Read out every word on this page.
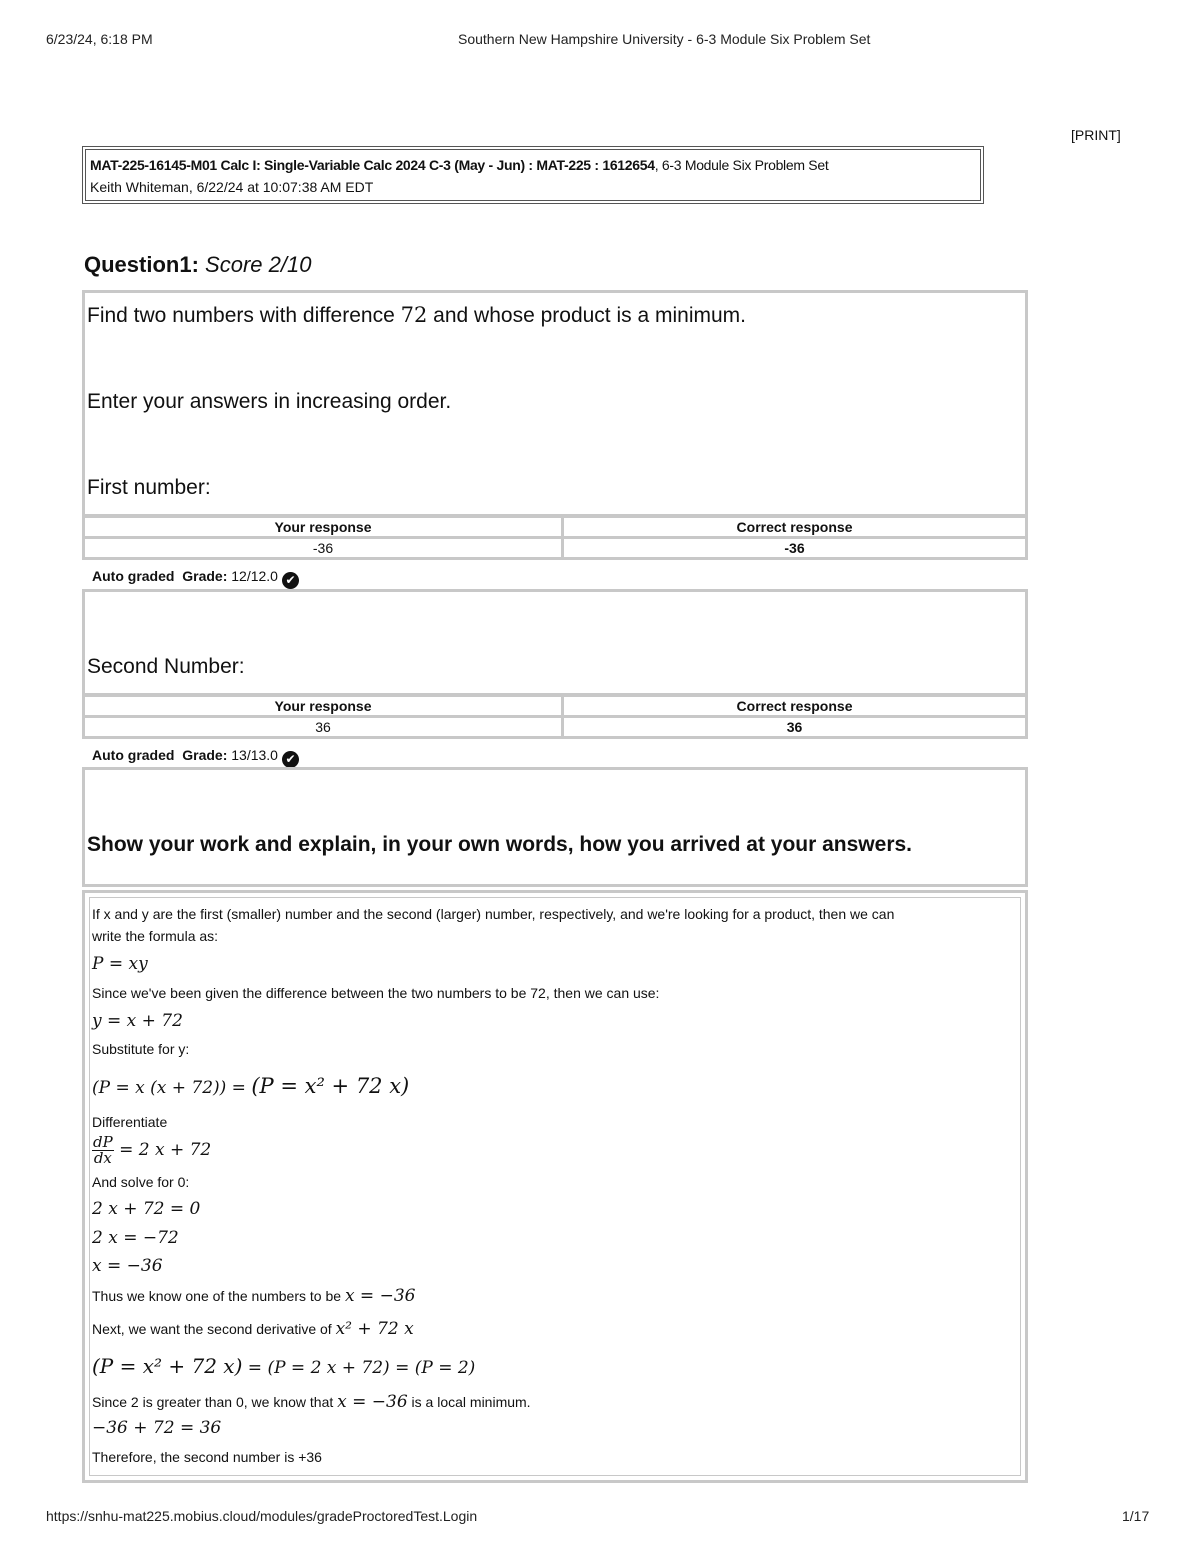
6/23/24, 6:18 PM	Southern New Hampshire University - 6-3 Module Six Problem Set
[PRINT]
MAT-225-16145-M01 Calc I: Single-Variable Calc 2024 C-3 (May - Jun) : MAT-225 : 1612654, 6-3 Module Six Problem Set
Keith Whiteman, 6/22/24 at 10:07:38 AM EDT
Question1: Score 2/10
Find two numbers with difference 72 and whose product is a minimum.
Enter your answers in increasing order.
First number:
Your response	Correct response
-36	-36
Auto graded Grade: 12/12.0 ✔
Second Number:
Your response	Correct response
36	36
Auto graded Grade: 13/13.0 ✔
Show your work and explain, in your own words, how you arrived at your answers.
If x and y are the first (smaller) number and the second (larger) number, respectively, and we're looking for a product, then we can
write the formula as:
P = xy
Since we've been given the difference between the two numbers to be 72, then we can use:
y = x + 72
Substitute for y:
(P = x (x + 72)) = (P = x² + 72 x)
Differentiate
$\frac{dP}{dx} = 2$ x + 72
And solve for 0:
2 x + 72 = 0
2 x = −72
x = −36
Thus we know one of the numbers to be x = −36
Next, we want the second derivative of x² + 72 x
(P = x² + 72 x) = (P = 2 x + 72) = (P = 2)
Since 2 is greater than 0, we know that x = −36 is a local minimum.
−36 + 72 = 36
Therefore, the second number is +36
https://snhu-mat225.mobius.cloud/modules/gradeProctoredTest.Login	1/17
